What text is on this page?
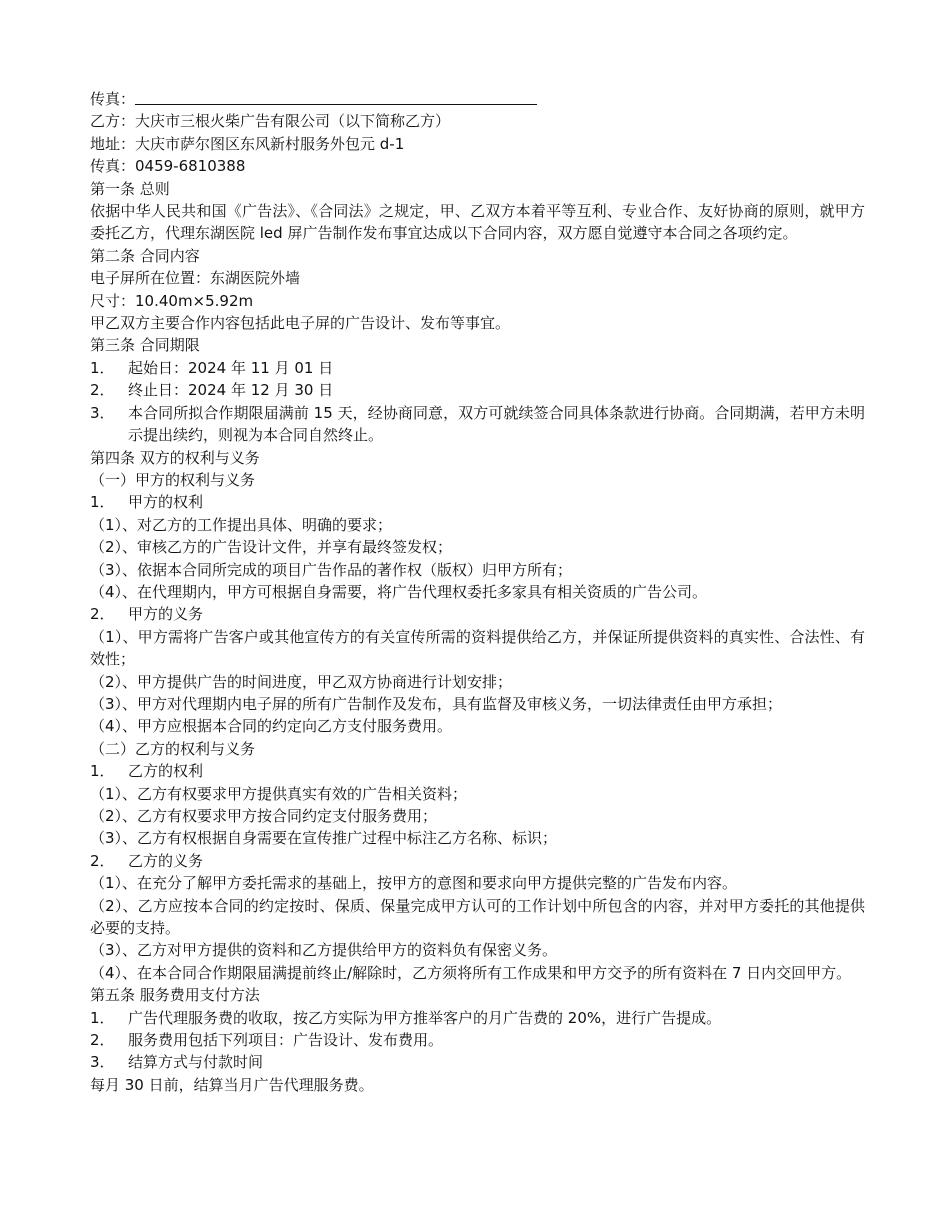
传真：
乙方：大庆市三根火柴广告有限公司（以下简称乙方）
地址：大庆市萨尔图区东风新村服务外包元 d-1
传真：0459-6810388
第一条 总则
依据中华人民共和国《广告法》、《合同法》之规定，甲、乙双方本着平等互利、专业合作、友好协商的原则，就甲方委托乙方，代理东湖医院 led 屏广告制作发布事宜达成以下合同内容，双方愿自觉遵守本合同之各项约定。
第二条 合同内容
电子屏所在位置：东湖医院外墙
尺寸：10.40m×5.92m
甲乙双方主要合作内容包括此电子屏的广告设计、发布等事宜。
第三条 合同期限
1． 起始日：2024 年 11 月 01 日
2． 终止日：2024 年 12 月 30 日
3． 本合同所拟合作期限届满前 15 天，经协商同意，双方可就续签合同具体条款进行协商。合同期满，若甲方未明示提出续约，则视为本合同自然终止。
第四条 双方的权利与义务
（一）甲方的权利与义务
1． 甲方的权利
（1）、对乙方的工作提出具体、明确的要求；
（2）、审核乙方的广告设计文件，并享有最终签发权；
（3）、依据本合同所完成的项目广告作品的著作权（版权）归甲方所有；
（4）、在代理期内，甲方可根据自身需要，将广告代理权委托多家具有相关资质的广告公司。
2． 甲方的义务
（1）、甲方需将广告客户或其他宣传方的有关宣传所需的资料提供给乙方，并保证所提供资料的真实性、合法性、有效性；
（2）、甲方提供广告的时间进度，甲乙双方协商进行计划安排；
（3）、甲方对代理期内电子屏的所有广告制作及发布，具有监督及审核义务，一切法律责任由甲方承担；
（4）、甲方应根据本合同的约定向乙方支付服务费用。
（二）乙方的权利与义务
1． 乙方的权利
（1）、乙方有权要求甲方提供真实有效的广告相关资料；
（2）、乙方有权要求甲方按合同约定支付服务费用；
（3）、乙方有权根据自身需要在宣传推广过程中标注乙方名称、标识；
2． 乙方的义务
（1）、在充分了解甲方委托需求的基础上，按甲方的意图和要求向甲方提供完整的广告发布内容。
（2）、乙方应按本合同的约定按时、保质、保量完成甲方认可的工作计划中所包含的内容，并对甲方委托的其他提供必要的支持。
（3）、乙方对甲方提供的资料和乙方提供给甲方的资料负有保密义务。
（4）、在本合同合作期限届满提前终止/解除时，乙方须将所有工作成果和甲方交予的所有资料在 7 日内交回甲方。
第五条 服务费用支付方法
1． 广告代理服务费的收取，按乙方实际为甲方推举客户的月广告费的 20%，进行广告提成。
2． 服务费用包括下列项目：广告设计、发布费用。
3． 结算方式与付款时间
每月 30 日前，结算当月广告代理服务费。
